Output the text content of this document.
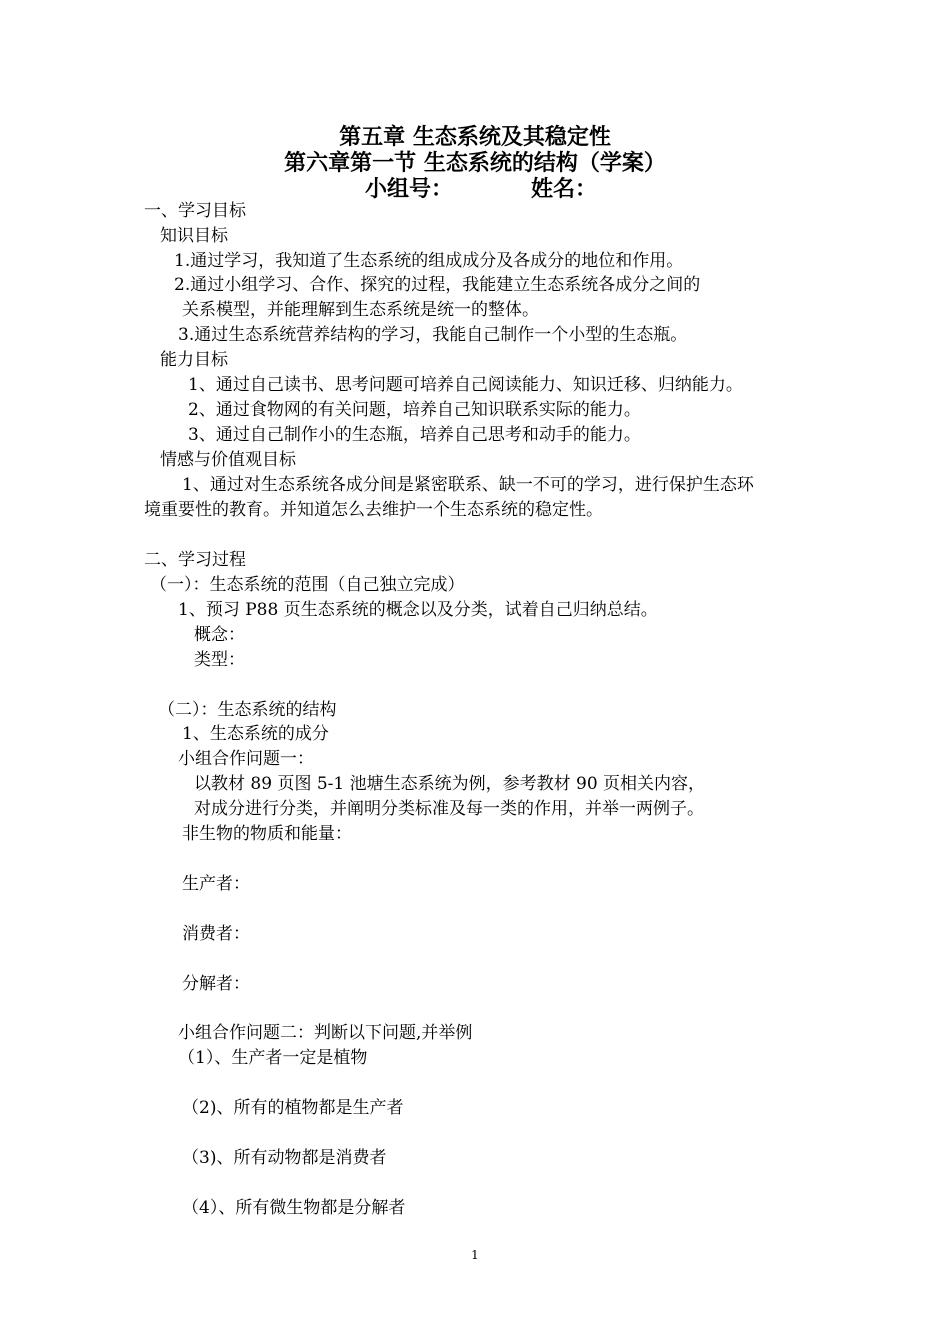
第五章 生态系统及其稳定性
第六章第一节 生态系统的结构（学案）
小组号：	姓名：
一、学习目标
知识目标
1.通过学习，我知道了生态系统的组成成分及各成分的地位和作用。
2.通过小组学习、合作、探究的过程，我能建立生态系统各成分之间的
关系模型，并能理解到生态系统是统一的整体。
3.通过生态系统营养结构的学习，我能自己制作一个小型的生态瓶。
能力目标
1、通过自己读书、思考问题可培养自己阅读能力、知识迁移、归纳能力。
2、通过食物网的有关问题，培养自己知识联系实际的能力。
3、通过自己制作小的生态瓶，培养自己思考和动手的能力。
情感与价值观目标
1、通过对生态系统各成分间是紧密联系、缺一不可的学习，进行保护生态环
境重要性的教育。并知道怎么去维护一个生态系统的稳定性。
二、学习过程
（一）：生态系统的范围（自己独立完成）
1、预习 P88 页生态系统的概念以及分类，试着自己归纳总结。
概念：
类型：
（二）：生态系统的结构
1、生态系统的成分
小组合作问题一：
以教材 89 页图 5-1 池塘生态系统为例，参考教材 90 页相关内容，
对成分进行分类，并阐明分类标准及每一类的作用，并举一两例子。
非生物的物质和能量：
生产者：
消费者：
分解者：
小组合作问题二：判断以下问题,并举例
（1）、生产者一定是植物
（2)、所有的植物都是生产者
（3)、所有动物都是消费者
（4）、所有微生物都是分解者
1
